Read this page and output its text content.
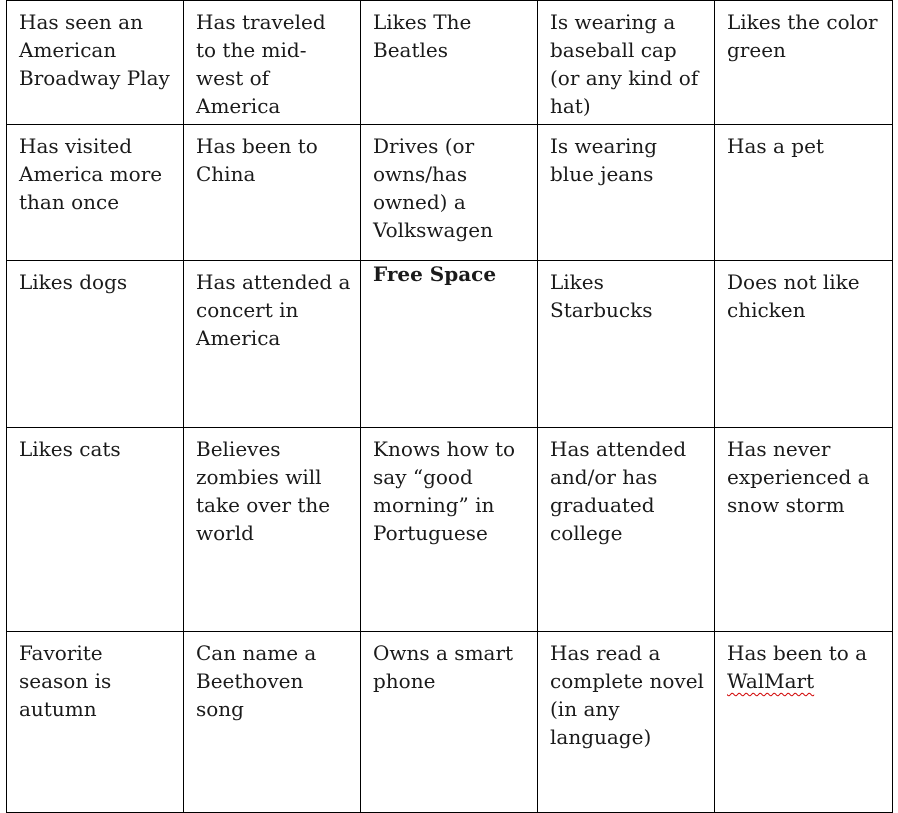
Has seen an American Broadway Play	Has traveled to the mid-west of America	Likes The Beatles	Is wearing a baseball cap (or any kind of hat)	Likes the color green
Has visited America more than once	Has been to China	Drives (or owns/has owned) a Volkswagen	Is wearing blue jeans	Has a pet
Likes dogs	Has attended a concert in America	Free Space	Likes Starbucks	Does not like chicken
Likes cats	Believes zombies will take over the world	Knows how to say “good morning” in Portuguese	Has attended and/or has graduated college	Has never experienced a snow storm
Favorite season is autumn	Can name a Beethoven song	Owns a smart phone	Has read a complete novel (in any language)	Has been to a WalMart
